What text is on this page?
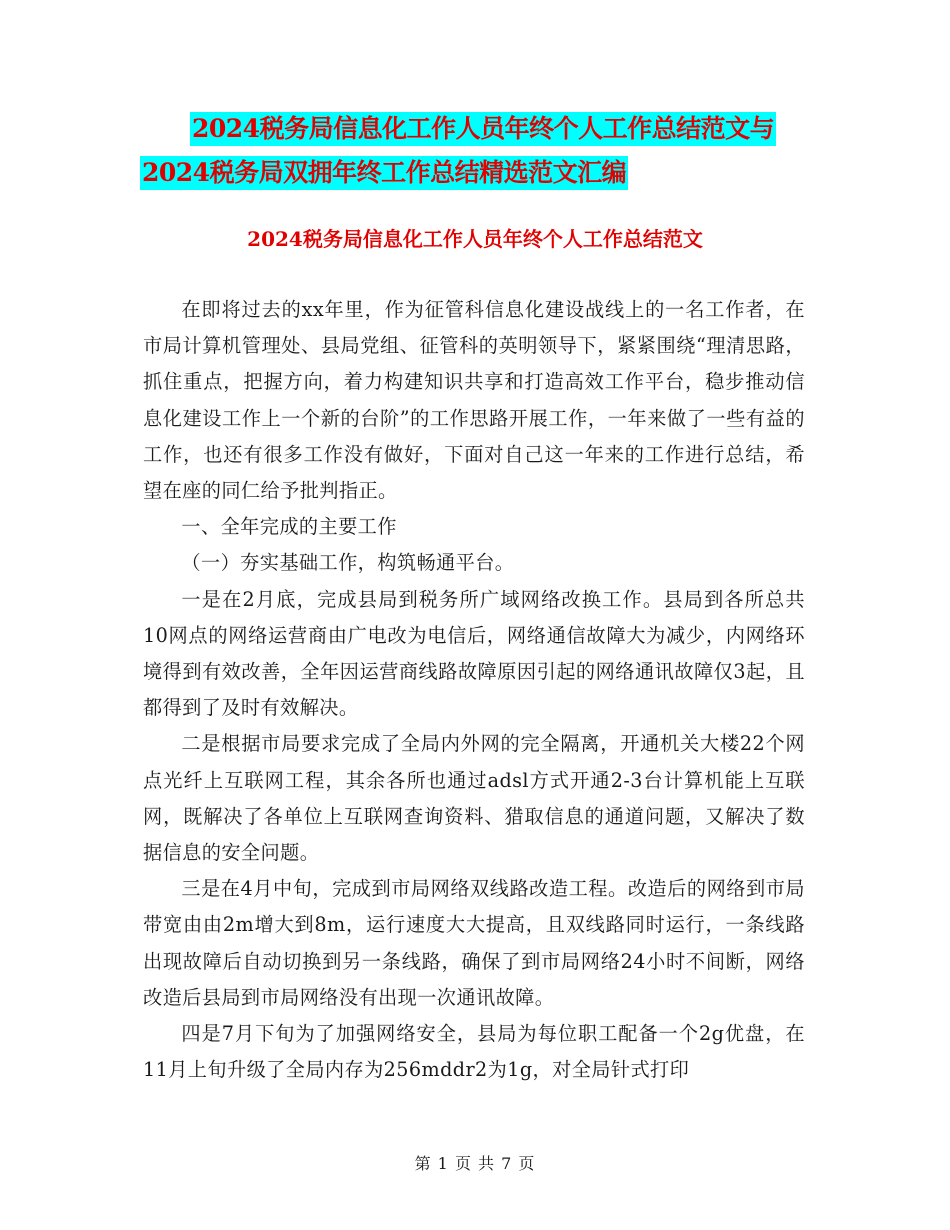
2024税务局信息化工作人员年终个人工作总结范文与
2024税务局双拥年终工作总结精选范文汇编
2024税务局信息化工作人员年终个人工作总结范文

在即将过去的xx年里，作为征管科信息化建设战线上的一名工作者，在市局计算机管理处、县局党组、征管科的英明领导下，紧紧围绕“理清思路，抓住重点，把握方向，着力构建知识共享和打造高效工作平台，稳步推动信息化建设工作上一个新的台阶”的工作思路开展工作，一年来做了一些有益的工作，也还有很多工作没有做好，下面对自己这一年来的工作进行总结，希望在座的同仁给予批判指正。

一、全年完成的主要工作

（一）夯实基础工作，构筑畅通平台。

一是在2月底，完成县局到税务所广域网络改换工作。县局到各所总共10网点的网络运营商由广电改为电信后，网络通信故障大为减少，内网络环境得到有效改善，全年因运营商线路故障原因引起的网络通讯故障仅3起，且都得到了及时有效解决。

二是根据市局要求完成了全局内外网的完全隔离，开通机关大楼22个网点光纤上互联网工程，其余各所也通过adsl方式开通2-3台计算机能上互联网，既解决了各单位上互联网查询资料、猎取信息的通道问题，又解决了数据信息的安全问题。

三是在4月中旬，完成到市局网络双线路改造工程。改造后的网络到市局带宽由由2m增大到8m，运行速度大大提高，且双线路同时运行，一条线路出现故障后自动切换到另一条线路，确保了到市局网络24小时不间断，网络改造后县局到市局网络没有出现一次通讯故障。

四是7月下旬为了加强网络安全，县局为每位职工配备一个2g优盘，在11月上旬升级了全局内存为256mddr2为1g，对全局针式打印

第 1 页 共 7 页
